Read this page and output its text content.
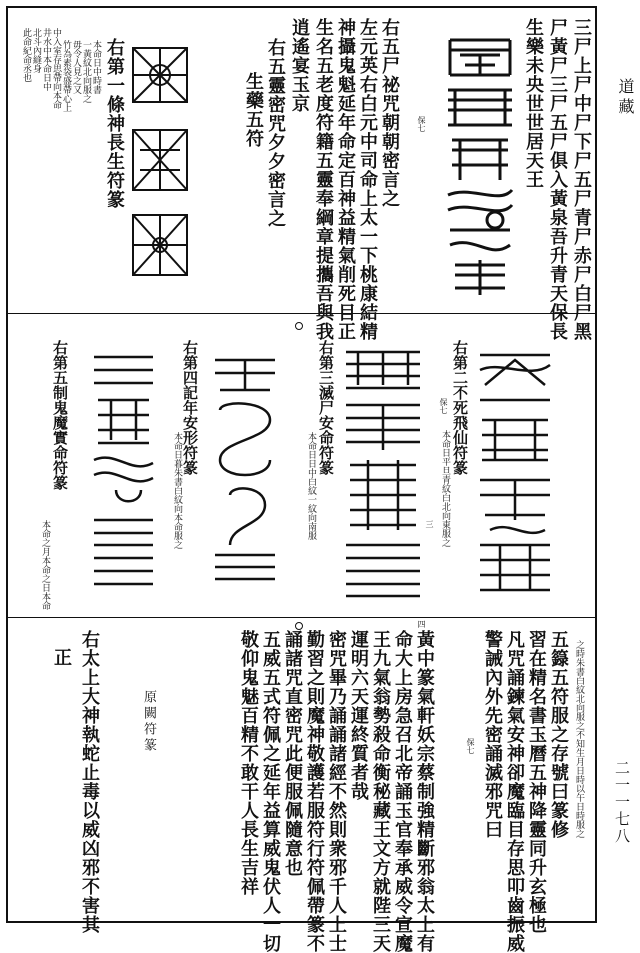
道藏
二一一七八
三尸上尸中尸下尸五尸青尸赤尸白尸黑
尸黃尸三尸五尸俱入黃泉吾升青天保長
生樂未央世世居天王
右五尸祕咒朝朝密言之
左元英右白元中司命上太一下桃康結精
神攝鬼魁延年命定百神益精氣削死目正
生名五老度符籍五靈奉綱章提攜吾與我
逍遙宴玉京
右五靈密咒夕夕密言之
生藥五符	保七
右第一條神長生符篆
本命日中時書
一黃紋北向服之
毋令人見之又
竹為素袋盛帶心上
中入室存思帶向本命
井水中本命日中
北斗內縫身
此命紀命丞也
右第二不死飛仙符篆
本命日平旦青紋白北向東服之
保七
三
右第三滅尸安命符篆
本命日日中白紋一紋向南服
右第四記年安形符篆
本命日暮朱書白紋向本命服之
右第五制鬼魔實命符篆
本命之月本命之日本命
之時朱書白紋北向服之不知生月日時以午日時服之
五籙五符服之存號曰篆修
習在精名書玉曆五神降靈同升玄極也
凡咒誦鍊氣安神卻魔臨目存思叩齒振威
警誡內外先密誦滅邪咒曰
保七
黃中篆氣軒妖宗蔡制強精斷邪翁太上有
命大上房急召北帝誦玉官奉承威令宣魔
王九氣翁勢殺命衡秘藏王文方就陛三天
運明六天運終質者哉
四
密咒畢乃誦誦諸經不然則衆邪千人上士
勤習之則魔神敬護若服符行符佩帶篆不
誦諸咒直密咒此便服佩隨意也
五威五式符佩之延年益算威鬼伏人一切
敬仰鬼魅百精不敢干人長生吉祥
原闕符篆
右太上大神執蛇止毒以威凶邪不害其
正
